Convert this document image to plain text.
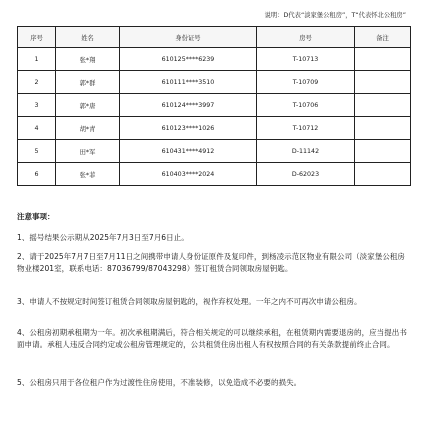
说明：D代表“淡家堡公租房”，T“代表怀北公租房”
序号	姓名	身份证号	房号	备注
1	张*翔	610125****6239	T-10713	
2	郭*群	610111****3510	T-10709	
3	郭*唐	610124****3997	T-10706	
4	胡*青	610123****1026	T-10712	
5	田*军	610431****4912	D-11142	
6	张*菲	610403****2024	D-62023	
注意事项：

1、摇号结果公示期从2025年7月3日至7月6日止。

2、请于2025年7月7日至7月11日之间携带申请人身份证原件及复印件，到杨凌示范区物业有限公司（淡家堡公租房物业楼201室，联系电话：87036799/87043298）签订租赁合同领取房屋钥匙。

3、申请人不按规定时间签订租赁合同领取房屋钥匙的，视作弃权处理。一年之内不可再次申请公租房。

4、公租房初期承租期为一年。初次承租期满后，符合相关规定的可以继续承租，在租赁期内需要退房的，应当提出书面申请。承租人违反合同约定或公租房管理规定的，公共租赁住房出租人有权按照合同的有关条款提前终止合同。

5、公租房只用于各位租户作为过渡性住房使用，不准装修，以免造成不必要的损失。
